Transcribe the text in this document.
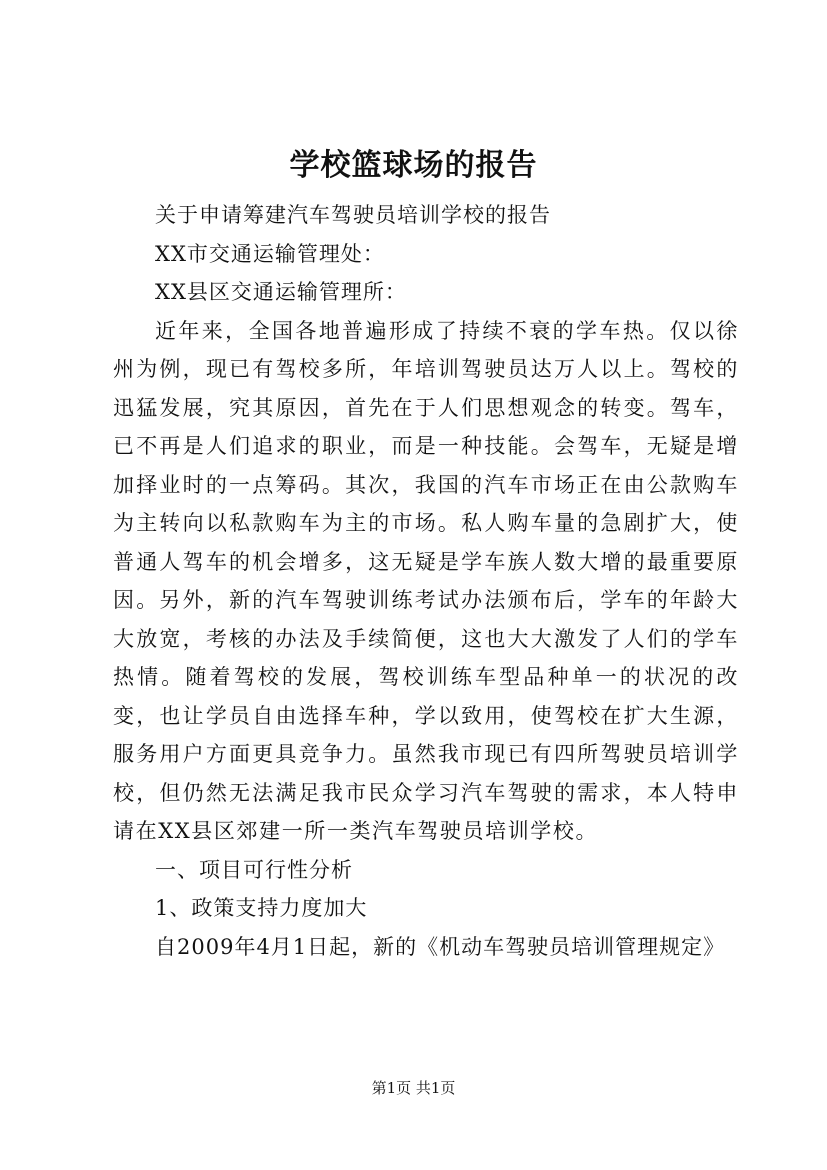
学校篮球场的报告

关于申请筹建汽车驾驶员培训学校的报告

XX市交通运输管理处：

XX县区交通运输管理所：

近年来，全国各地普遍形成了持续不衰的学车热。仅以徐州为例，现已有驾校多所，年培训驾驶员达万人以上。驾校的迅猛发展，究其原因，首先在于人们思想观念的转变。驾车，已不再是人们追求的职业，而是一种技能。会驾车，无疑是增加择业时的一点筹码。其次，我国的汽车市场正在由公款购车为主转向以私款购车为主的市场。私人购车量的急剧扩大，使普通人驾车的机会增多，这无疑是学车族人数大增的最重要原因。另外，新的汽车驾驶训练考试办法颁布后，学车的年龄大大放宽，考核的办法及手续简便，这也大大激发了人们的学车热情。随着驾校的发展，驾校训练车型品种单一的状况的改变，也让学员自由选择车种，学以致用，使驾校在扩大生源，服务用户方面更具竞争力。虽然我市现已有四所驾驶员培训学校，但仍然无法满足我市民众学习汽车驾驶的需求，本人特申请在XX县区郊建一所一类汽车驾驶员培训学校。

一、项目可行性分析

1、政策支持力度加大

自2009年4月1日起，新的《机动车驾驶员培训管理规定》

第1页 共1页
